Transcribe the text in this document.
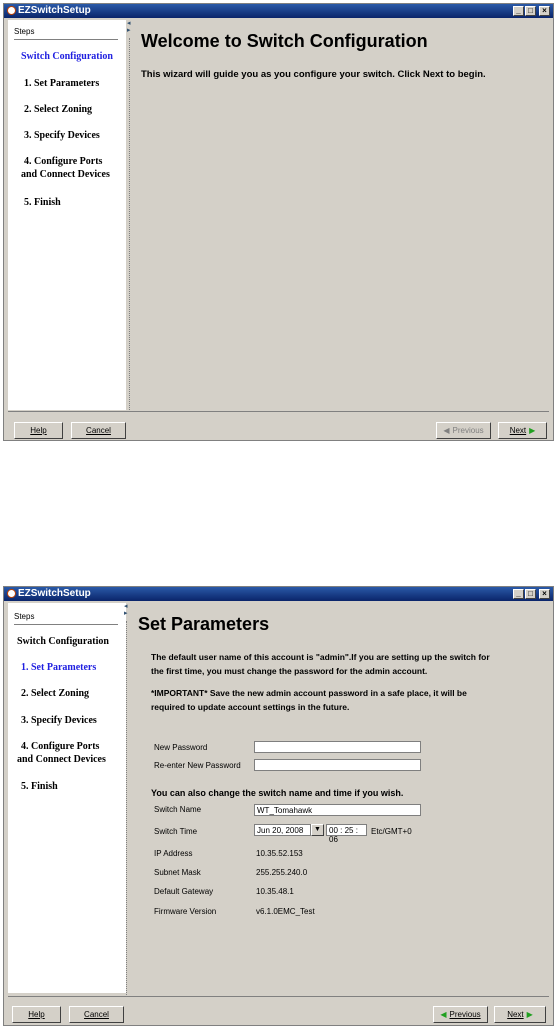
EZSwitchSetup	_ □	×
Steps
Switch Configuration
1. Set Parameters
2. Select Zoning
3. Specify Devices
4. Configure Ports
and Connect Devices
5. Finish
◂
▸
Welcome to Switch Configuration
This wizard will guide you as you configure your switch. Click Next to begin.
Help	Cancel	◀ Previous	Next ▶
EZSwitchSetup	_ □	×
Steps
Switch Configuration
1. Set Parameters
2. Select Zoning
3. Specify Devices
4. Configure Ports
and Connect Devices
5. Finish
◂
▸
Set Parameters
The default user name of this account is "admin".If you are setting up the switch for
the first time, you must change the password for the admin account.
*IMPORTANT* Save the new admin account password in a safe place, it will be
required to update account settings in the future.
New Password
Re-enter New Password
You can also change the switch name and time if you wish.
Switch Name	WT_Tomahawk
Switch Time	Jun 20, 2008	▼	00 : 25 : 06
Etc/GMT+0
IP Address	10.35.52.153
Subnet Mask	255.255.240.0
Default Gateway	10.35.48.1
Firmware Version	v6.1.0EMC_Test
Help	Cancel	◀ Previous	Next ▶
